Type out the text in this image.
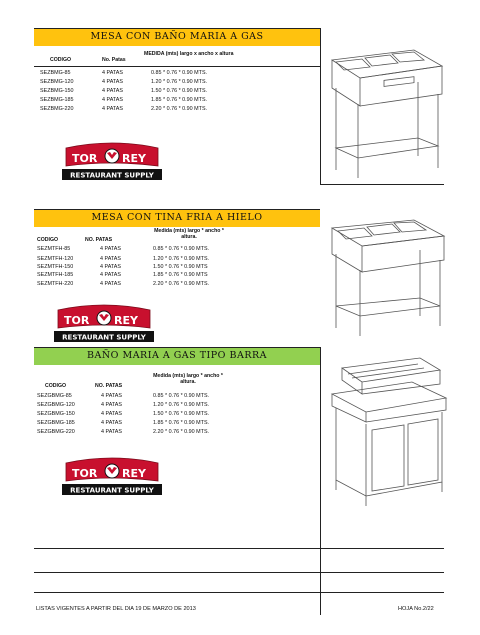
MESA CON BAÑO MARIA A GAS
CODIGO	No. Patas
MEDIDA (mts) largo x ancho x altura
SEZBMG-85	4 PATAS	0.85 * 0.76 * 0.90 MTS.
SEZBMG-120	4 PATAS	1.20 * 0.76 * 0.90 MTS.
SEZBMG-150	4 PATAS	1.50 * 0.76 * 0.90 MTS.
SEZBMG-185	4 PATAS	1.85 * 0.76 * 0.90 MTS.
SEZBMG-220	4 PATAS	2.20 * 0.76 * 0.90 MTS.
TOR REY
RESTAURANT SUPPLY
MESA CON TINA FRIA A HIELO
CODIGO	NO. PATAS
Medida (mts) largo * ancho * altura.
SEZMTFH-85	4 PATAS	0.85 * 0.76 * 0.90 MTS.
SEZMTFH-120	4 PATAS	1.20 * 0.76 * 0.90 MTS.
SEZMTFH-150	4 PATAS	1.50 * 0.76 * 0.90 MTS
SEZMTFH-185	4 PATAS	1.85 * 0.76 * 0.90 MTS
SEZMTFH-220	4 PATAS	2.20 * 0.76 * 0.90 MTS.
TOR REY
RESTAURANT SUPPLY
BAÑO MARIA A GAS TIPO BARRA
CODIGO	NO. PATAS
Medida (mts) largo * ancho * altura.
SEZGBMG-85	4 PATAS	0.85 * 0.76 * 0.90 MTS.
SEZGBMG-120	4 PATAS	1.20 * 0.76 * 0.90 MTS.
SEZGBMG-150	4 PATAS	1.50 * 0.76 * 0.90 MTS.
SEZGBMG-185	4 PATAS	1.85 * 0.76 * 0.90 MTS.
SEZGBMG-220	4 PATAS	2.20 * 0.76 * 0.90 MTS.
TOR REY
RESTAURANT SUPPLY
LISTAS VIGENTES A PARTIR DEL DIA 19 DE MARZO DE 2013	HOJA No.2/22
